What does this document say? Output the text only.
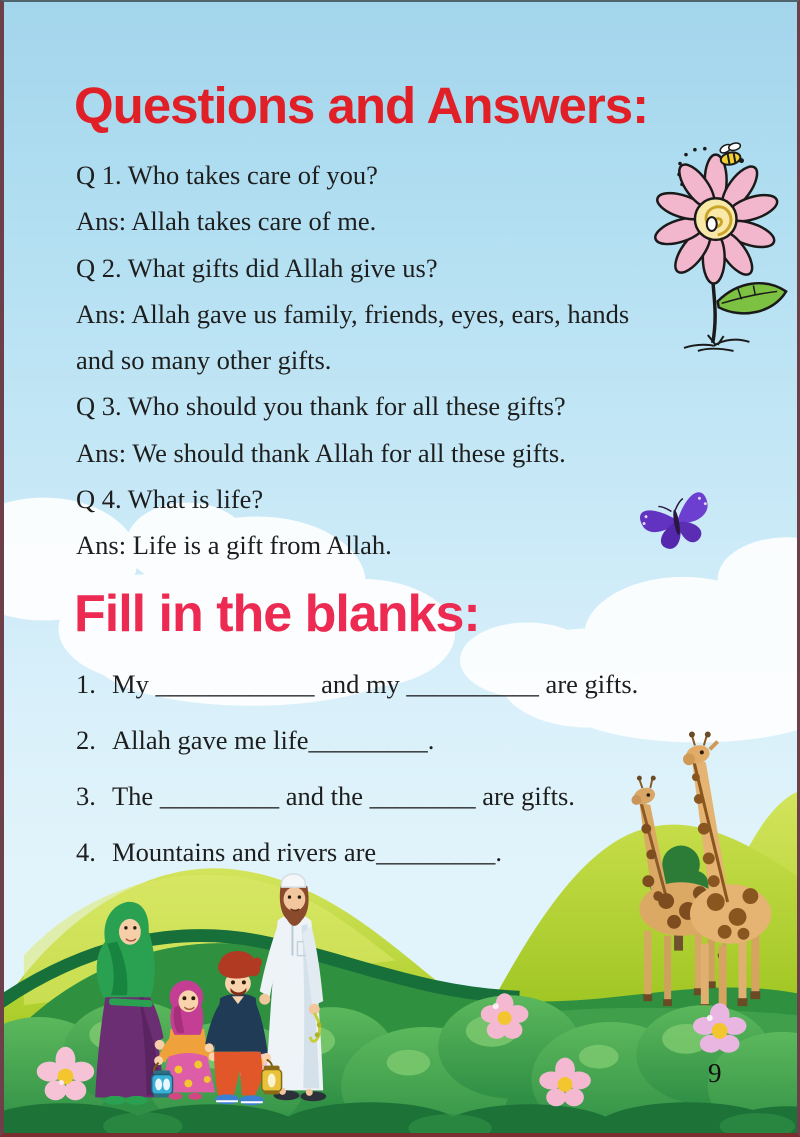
Questions and Answers:
Q 1. Who takes care of you?
Ans: Allah takes care of me.
Q 2. What gifts did Allah give us?
Ans: Allah gave us family, friends, eyes, ears, hands
and so many other gifts.
Q 3. Who should you thank for all these gifts?
Ans: We should thank Allah for all these gifts.
Q 4. What is life?
Ans: Life is a gift from Allah.
Fill in the blanks:
1. My ____________ and my __________ are gifts.
2. Allah gave me life_________.
3. The _________ and the ________ are gifts.
4. Mountains and rivers are_________.
9
